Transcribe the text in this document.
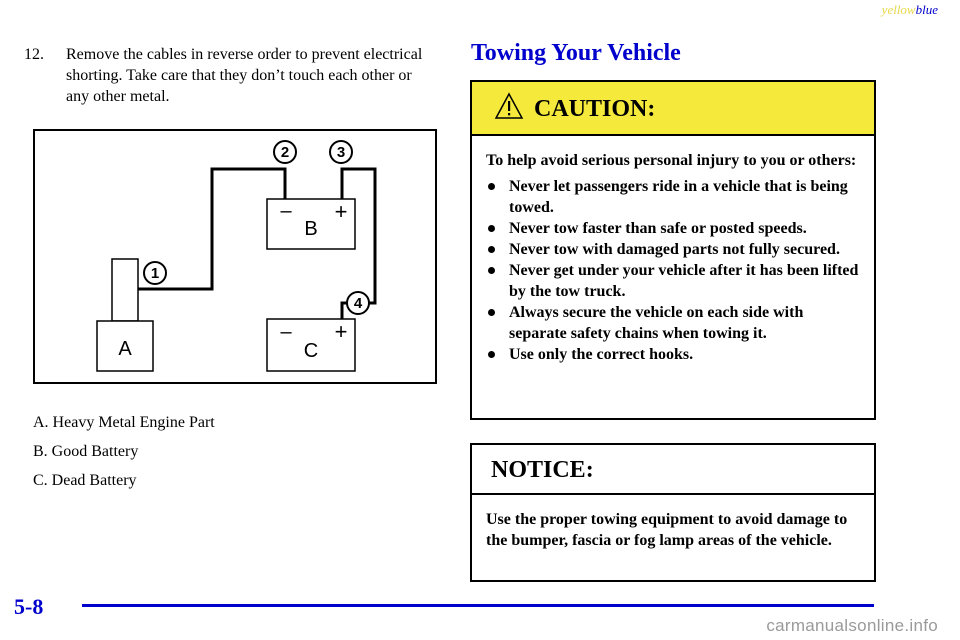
yellowblue
12. Remove the cables in reverse order to prevent electrical shorting. Take care that they don’t touch each other or any other metal.
A
B
C
– +
– +
1
2	3
4
A. Heavy Metal Engine Part
B. Good Battery
C. Dead Battery
Towing Your Vehicle
CAUTION:
To help avoid serious personal injury to you or others:
Never let passengers ride in a vehicle that is being towed.
Never tow faster than safe or posted speeds.
Never tow with damaged parts not fully secured.
Never get under your vehicle after it has been lifted by the tow truck.
Always secure the vehicle on each side with separate safety chains when towing it.
Use only the correct hooks.
NOTICE:
Use the proper towing equipment to avoid damage to the bumper, fascia or fog lamp areas of the vehicle.
5-8
carmanualsonline.info
